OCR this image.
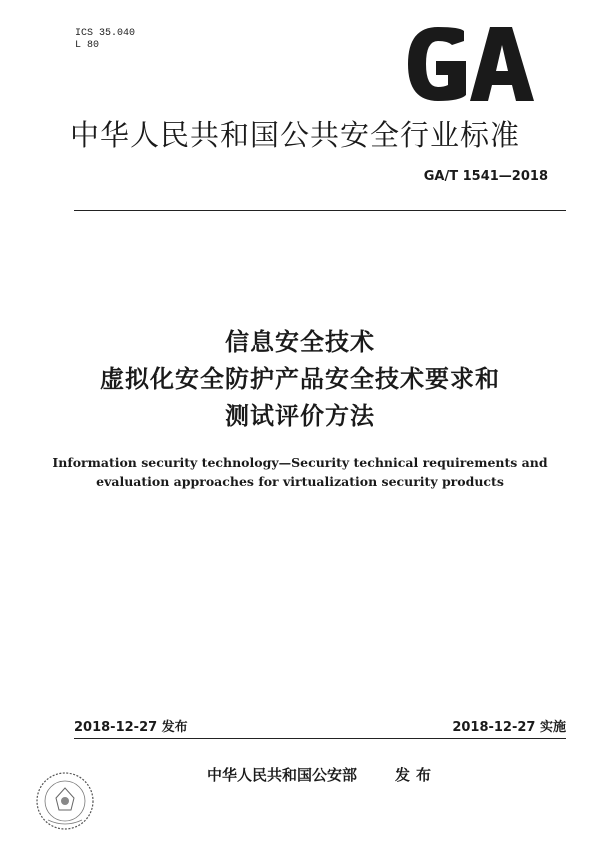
ICS 35.040
L 80
中华人民共和国公共安全行业标准
GA/T 1541—2018
信息安全技术
虚拟化安全防护产品安全技术要求和
测试评价方法
Information security technology—Security technical requirements and
evaluation approaches for virtualization security products
2018-12-27 发布	2018-12-27 实施
中华人民共和国公安部	发布
